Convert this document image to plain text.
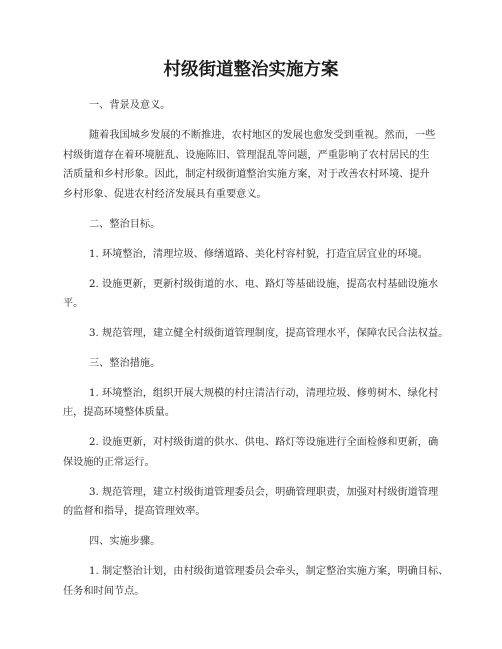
村级街道整治实施方案

一、背景及意义。

随着我国城乡发展的不断推进，农村地区的发展也愈发受到重视。然而，一些

村级街道存在着环境脏乱、设施陈旧、管理混乱等问题，严重影响了农村居民的生

活质量和乡村形象。因此，制定村级街道整治实施方案，对于改善农村环境、提升

乡村形象、促进农村经济发展具有重要意义。

二、整治目标。

1. 环境整治，清理垃圾、修缮道路、美化村容村貌，打造宜居宜业的环境。

2. 设施更新，更新村级街道的水、电、路灯等基础设施，提高农村基础设施水

平。

3. 规范管理，建立健全村级街道管理制度，提高管理水平，保障农民合法权益。

三、整治措施。

1. 环境整治，组织开展大规模的村庄清洁行动，清理垃圾、修剪树木、绿化村

庄，提高环境整体质量。

2. 设施更新，对村级街道的供水、供电、路灯等设施进行全面检修和更新，确

保设施的正常运行。

3. 规范管理，建立村级街道管理委员会，明确管理职责，加强对村级街道管理

的监督和指导，提高管理效率。

四、实施步骤。

1. 制定整治计划，由村级街道管理委员会牵头，制定整治实施方案，明确目标、

任务和时间节点。
